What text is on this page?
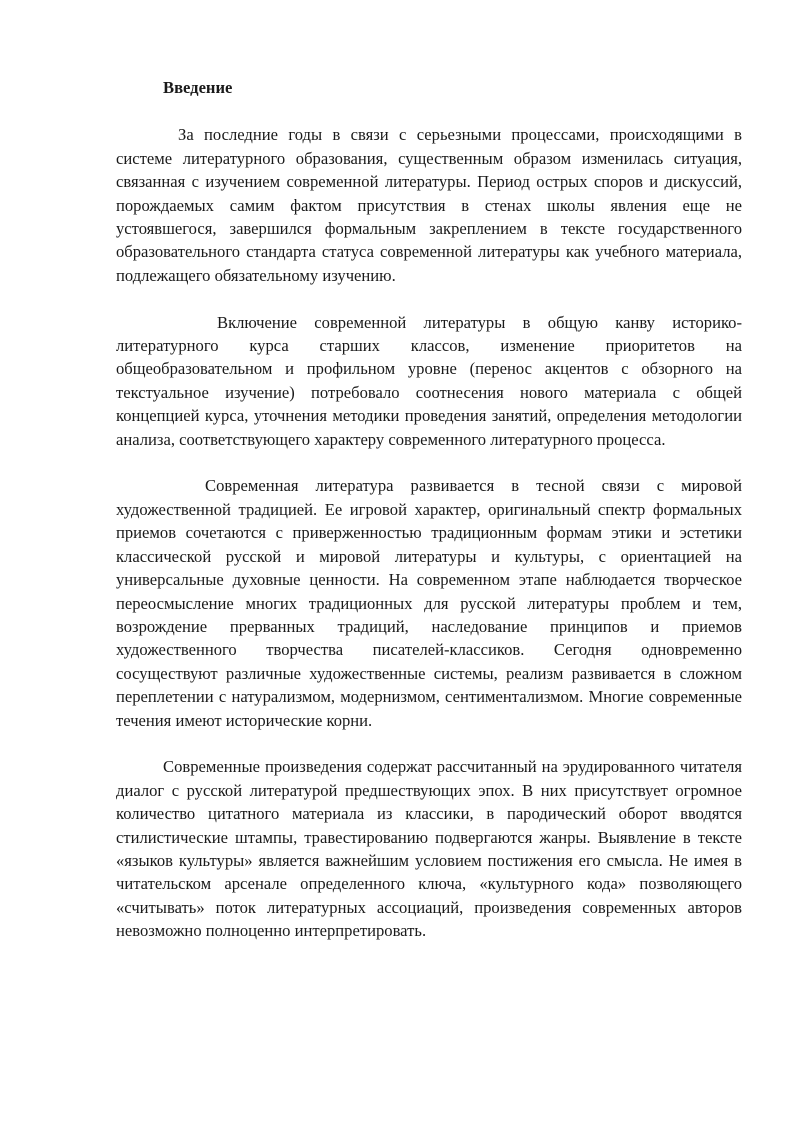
Введение

За последние годы в связи с серьезными процессами, происходящими в системе литературного образования, существенным образом изменилась ситуация, связанная с изучением современной литературы. Период острых споров и дискуссий, порождаемых самим фактом присутствия в стенах школы явления еще не устоявшегося, завершился формальным закреплением в тексте государственного образовательного стандарта статуса современной литературы как учебного материала, подлежащего обязательному изучению.

Включение современной литературы в общую канву историко-литературного курса старших классов, изменение приоритетов на общеобразовательном и профильном уровне (перенос акцентов с обзорного на текстуальное изучение) потребовало соотнесения нового материала с общей концепцией курса, уточнения методики проведения занятий, определения методологии анализа, соответствующего характеру современного литературного процесса.

Современная литература развивается в тесной связи с мировой художественной традицией. Ее игровой характер, оригинальный спектр формальных приемов сочетаются с приверженностью традиционным формам этики и эстетики классической русской и мировой литературы и культуры, с ориентацией на универсальные духовные ценности. На современном этапе наблюдается творческое переосмысление многих традиционных для русской литературы проблем и тем, возрождение прерванных традиций, наследование принципов и приемов художественного творчества писателей-классиков. Сегодня одновременно сосуществуют различные художественные системы, реализм развивается в сложном переплетении с натурализмом, модернизмом, сентиментализмом. Многие современные течения имеют исторические корни.

Современные произведения содержат рассчитанный на эрудированного читателя диалог с русской литературой предшествующих эпох. В них присутствует огромное количество цитатного материала из классики, в пародический оборот вводятся стилистические штампы, травестированию подвергаются жанры. Выявление в тексте «языков культуры» является важнейшим условием постижения его смысла. Не имея в читательском арсенале определенного ключа, «культурного кода» позволяющего «считывать» поток литературных ассоциаций, произведения современных авторов невозможно полноценно интерпретировать.
